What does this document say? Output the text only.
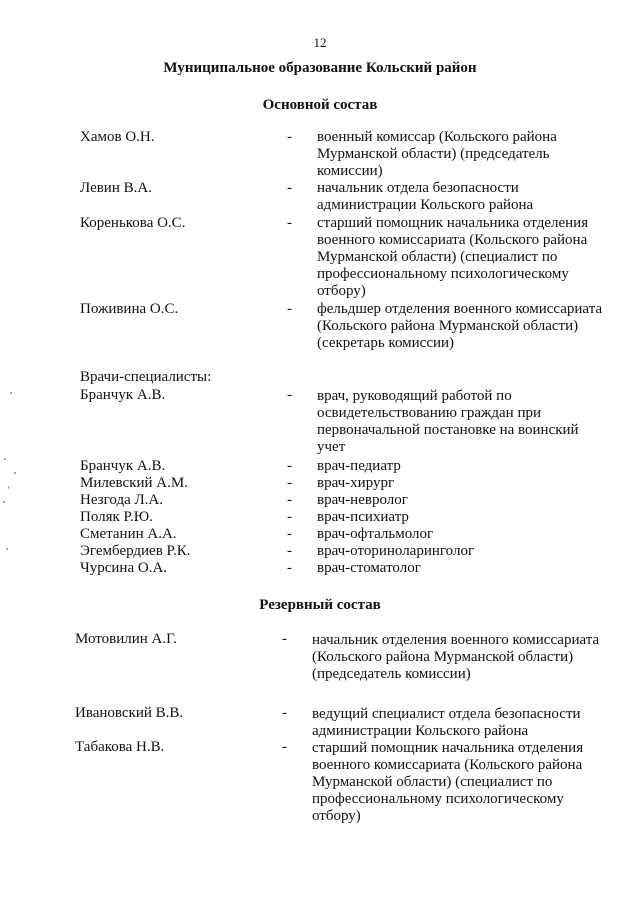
12
Муниципальное образование Кольский район
Основной состав
Хамов О.Н.	- военный комиссар (Кольского района Мурманской области) (председатель комиссии)
Левин В.А.	- начальник отдела безопасности администрации Кольского района
Коренькова О.С.	- старший помощник начальника отделения военного комиссариата (Кольского района Мурманской области) (специалист по профессиональному психологическому отбору)
Поживина О.С.	- фельдшер отделения военного комиссариата (Кольского района Мурманской области) (секретарь комиссии)
Врачи-специалисты:
Бранчук А.В.	- врач, руководящий работой по освидетельствованию граждан при первоначальной постановке на воинский учет
Бранчук А.В.	- врач-педиатр
Милевский А.М.	- врач-хирург
Незгода Л.А.	- врач-невролог
Поляк Р.Ю.	- врач-психиатр
Сметанин А.А.	- врач-офтальмолог
Эгембердиев Р.К.	- врач-оториноларинголог
Чурсина О.А.	- врач-стоматолог
Резервный состав
Мотовилин А.Г.	- начальник отделения военного комиссариата (Кольского района Мурманской области) (председатель комиссии)
Ивановский В.В.	- ведущий специалист отдела безопасности администрации Кольского района
Табакова Н.В.	- старший помощник начальника отделения военного комиссариата (Кольского района Мурманской области) (специалист по профессиональному психологическому отбору)
